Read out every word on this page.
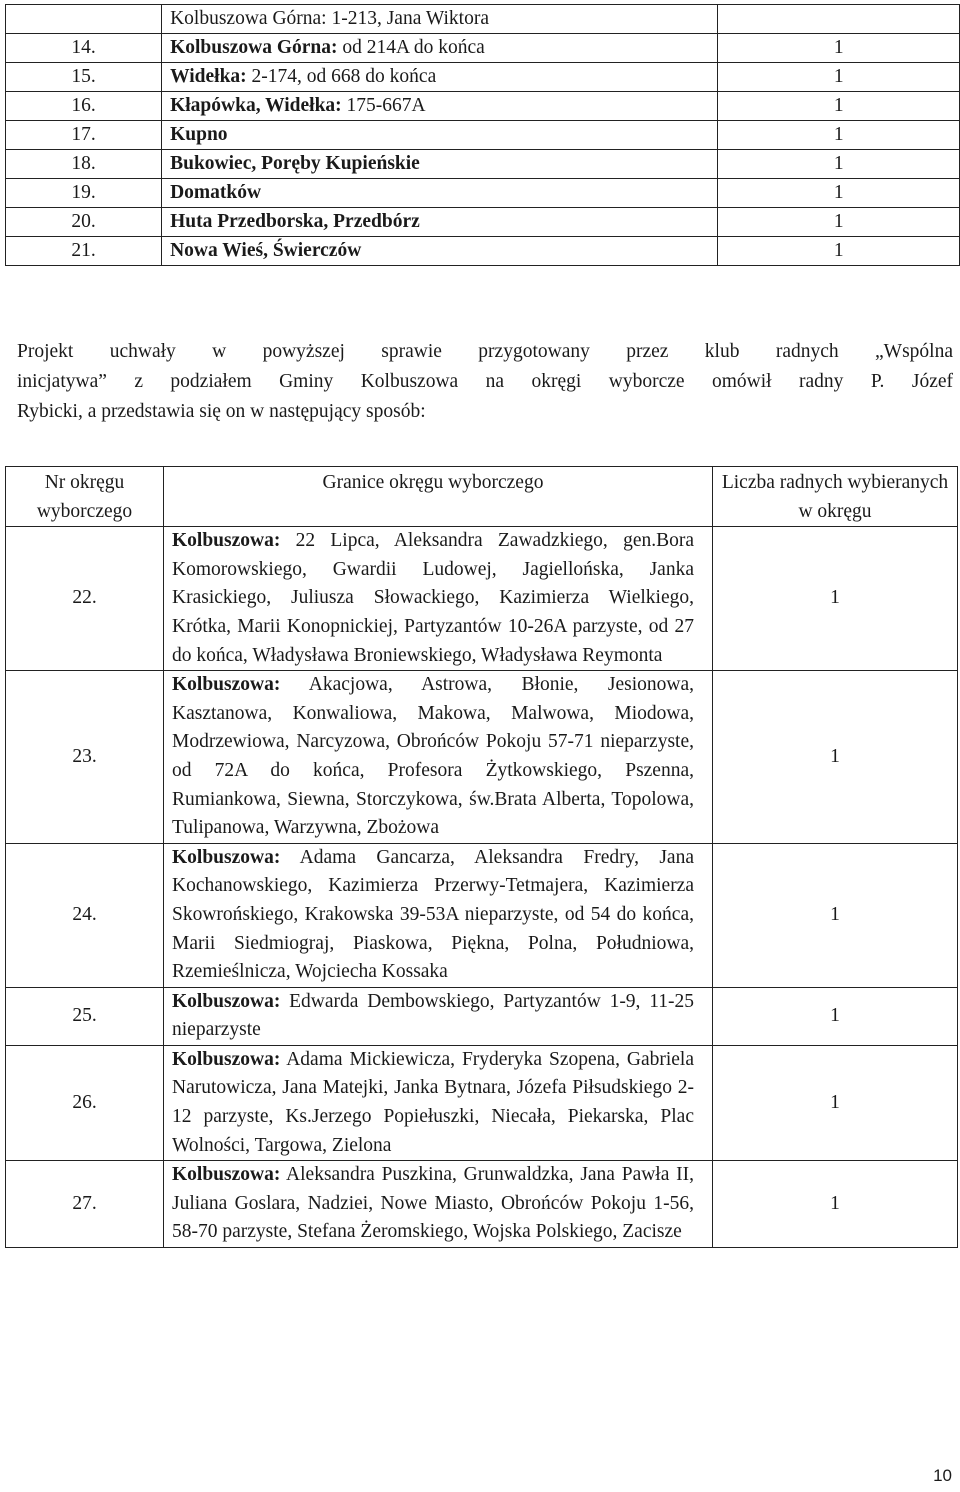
	Kolbuszowa Górna: 1-213, Jana Wiktora	
14.	Kolbuszowa Górna: od 214A do końca	1
15.	Widełka: 2-174, od 668 do końca	1
16.	Kłapówka, Widełka: 175-667A	1
17.	Kupno	1
18.	Bukowiec, Poręby Kupieńskie	1
19.	Domatków	1
20.	Huta Przedborska, Przedbórz	1
21.	Nowa Wieś, Świerczów	1
Projekt uchwały w powyższej sprawie przygotowany przez klub radnych „Wspólna
inicjatywa” z podziałem Gminy Kolbuszowa na okręgi wyborcze omówił radny P. Józef
Rybicki, a przedstawia się on w następujący sposób:
Nr okręgu wyborczego	Granice okręgu wyborczego	Liczba radnych wybieranych w okręgu
22.	Kolbuszowa: 22 Lipca, Aleksandra Zawadzkiego, gen.Bora Komorowskiego, Gwardii Ludowej, Jagiellońska, Janka Krasickiego, Juliusza Słowackiego, Kazimierza Wielkiego, Krótka, Marii Konopnickiej, Partyzantów 10-26A parzyste, od 27 do końca, Władysława Broniewskiego, Władysława Reymonta	1
23.	Kolbuszowa: Akacjowa, Astrowa, Błonie, Jesionowa, Kasztanowa, Konwaliowa, Makowa, Malwowa, Miodowa, Modrzewiowa, Narcyzowa, Obrońców Pokoju 57-71 nieparzyste, od 72A do końca, Profesora Żytkowskiego, Pszenna, Rumiankowa, Siewna, Storczykowa, św.Brata Alberta, Topolowa, Tulipanowa, Warzywna, Zbożowa	1
24.	Kolbuszowa: Adama Gancarza, Aleksandra Fredry, Jana Kochanowskiego, Kazimierza Przerwy-Tetmajera, Kazimierza Skowrońskiego, Krakowska 39-53A nieparzyste, od 54 do końca, Marii Siedmiograj, Piaskowa, Piękna, Polna, Południowa, Rzemieślnicza, Wojciecha Kossaka	1
25.	Kolbuszowa: Edwarda Dembowskiego, Partyzantów 1-9, 11-25 nieparzyste	1
26.	Kolbuszowa: Adama Mickiewicza, Fryderyka Szopena, Gabriela Narutowicza, Jana Matejki, Janka Bytnara, Józefa Piłsudskiego 2-12 parzyste, Ks.Jerzego Popiełuszki, Niecała, Piekarska, Plac Wolności, Targowa, Zielona	1
27.	Kolbuszowa: Aleksandra Puszkina, Grunwaldzka, Jana Pawła II, Juliana Goslara, Nadziei, Nowe Miasto, Obrońców Pokoju 1-56, 58-70 parzyste, Stefana Żeromskiego, Wojska Polskiego, Zacisze	1
10
